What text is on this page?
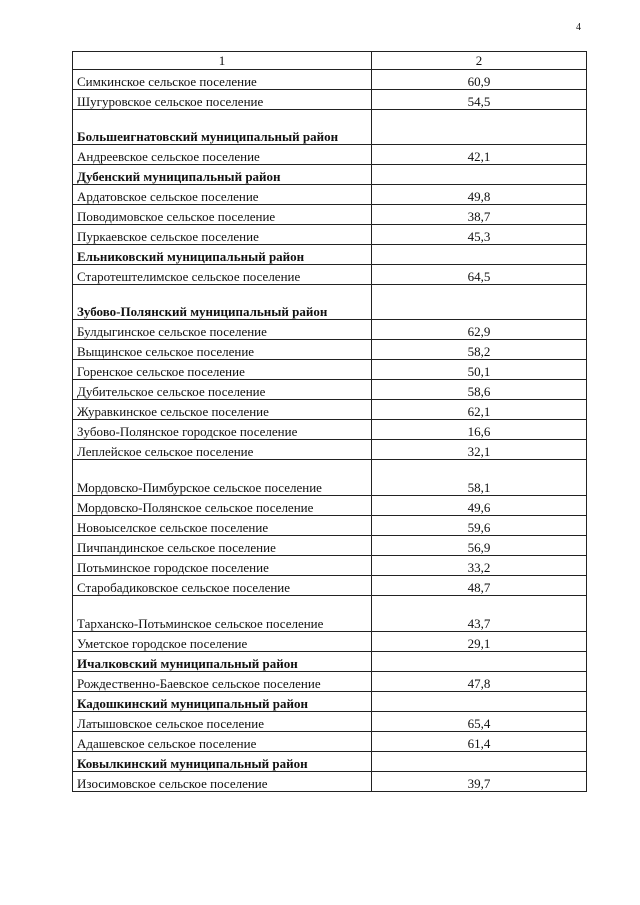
4
1	2
Симкинское сельское поселение	60,9
Шугуровское сельское поселение	54,5
Большеигнатовский муниципальный район	
Андреевское сельское поселение	42,1
Дубенский муниципальный район	
Ардатовское сельское поселение	49,8
Поводимовское сельское поселение	38,7
Пуркаевское сельское поселение	45,3
Ельниковский муниципальный район	
Старотештелимское сельское поселение	64,5
Зубово-Полянский муниципальный район	
Булдыгинское сельское поселение	62,9
Выщинское сельское поселение	58,2
Горенское сельское поселение	50,1
Дубительское сельское поселение	58,6
Журавкинское сельское поселение	62,1
Зубово-Полянское городское поселение	16,6
Леплейское сельское поселение	32,1
Мордовско-Пимбурское сельское поселение	58,1
Мордовско-Полянское сельское поселение	49,6
Новоыселское сельское поселение	59,6
Пичпандинское сельское поселение	56,9
Потьминское городское поселение	33,2
Старобадиковское сельское поселение	48,7
Тарханско-Потьминское сельское поселение	43,7
Уметское городское поселение	29,1
Ичалковский муниципальный район	
Рождественно-Баевское сельское поселение	47,8
Кадошкинский муниципальный район	
Латышовское сельское поселение	65,4
Адашевское сельское поселение	61,4
Ковылкинский муниципальный район	
Изосимовское сельское поселение	39,7
